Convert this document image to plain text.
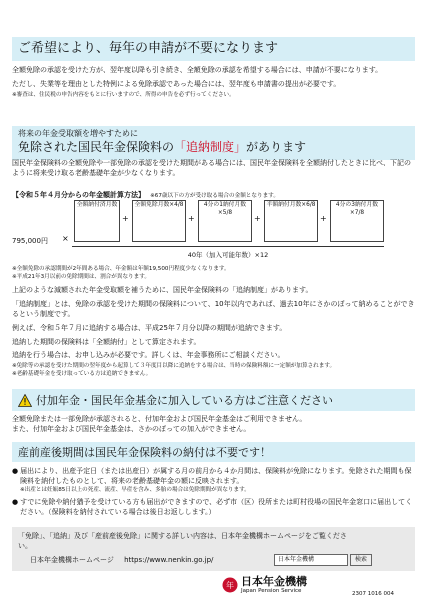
ご希望により、毎年の申請が不要になります

全額免除の承認を受けた方が、翌年度以降も引き続き、全額免除の承認を希望する場合には、申請が不要になります。

ただし、失業等を理由とした特例による免除承認であった場合には、翌年度も申請書の提出が必要です。

※審査は、住民税の申告内容をもとに行いますので、所得の申告を必ず行ってください。

将来の年金受取額を増やすために
免除された国民年金保険料の「追納制度」があります

国民年金保険料の全額免除や一部免除の承認を受けた期間がある場合には、国民年金保険料を全額納付したときに比べ、下記のように将来受け取る老齢基礎年金が少なくなります。

【令和５年４月分からの年金額計算方法】 ※67歳以下の方が受け取る場合の金額となります。
795,000円 ×
全額納付済月数
+
全額免除月数×4/8
+
4分の1納付月数×5/8
+
半額納付月数×6/8
+
4分の3納付月数×7/8
40年（加入可能年数）×12

※全額免除の承認期間が2年間ある場合、年金額は年額19,500円程度少なくなります。

※平成21年3月以前の免除期間は、割合が異なります。

上記のような減額された年金受取額を補うために、国民年金保険料の「追納制度」があります。

「追納制度」とは、免除の承認を受けた期間の保険料について、10年以内であれば、過去10年にさかのぼって納めることができるという制度です。

例えば、令和５年７月に追納する場合は、平成25年７月分以降の期間が追納できます。

追納した期間の保険料は「全額納付」として算定されます。

追納を行う場合は、お申し込みが必要です。詳しくは、年金事務所にご相談ください。

※免除等の承認を受けた期間の翌年度から起算して３年度目以降に追納をする場合は、当時の保険料額に一定額が加算されます。

※老齢基礎年金を受け取っている方は追納できません。

付加年金・国民年金基金に加入している方はご注意ください

全額免除または一部免除が承認されると、付加年金および国民年金基金はご利用できません。

また、付加年金および国民年金基金は、さかのぼっての加入ができません。

産前産後期間は国民年金保険料の納付は不要です！
● 届出により、出産予定日（または出産日）が属する月の前月から４か月間は、保険料が免除になります。免除された期間も保険料を納付したものとして、将来の老齢基礎年金の額に反映されます。

※出産とは妊娠85日以上の死産、流産、早産を含み、多胎の場合は免除期間が異なります。

● すでに免除や納付猶予を受けている方も届出ができますので、必ず市（区）役所または町村役場の国民年金窓口に届出してください。（保険料を納付されている場合は後日お返しします。）

「免除」、「追納」及び「産前産後免除」に関する詳しい内容は、日本年金機構ホームページをご覧ください。

日本年金機構ホームページ https://www.nenkin.go.jp/	日本年金機構	検索
年 日本年金機構
Japan Pension Service	2307 1016 004
